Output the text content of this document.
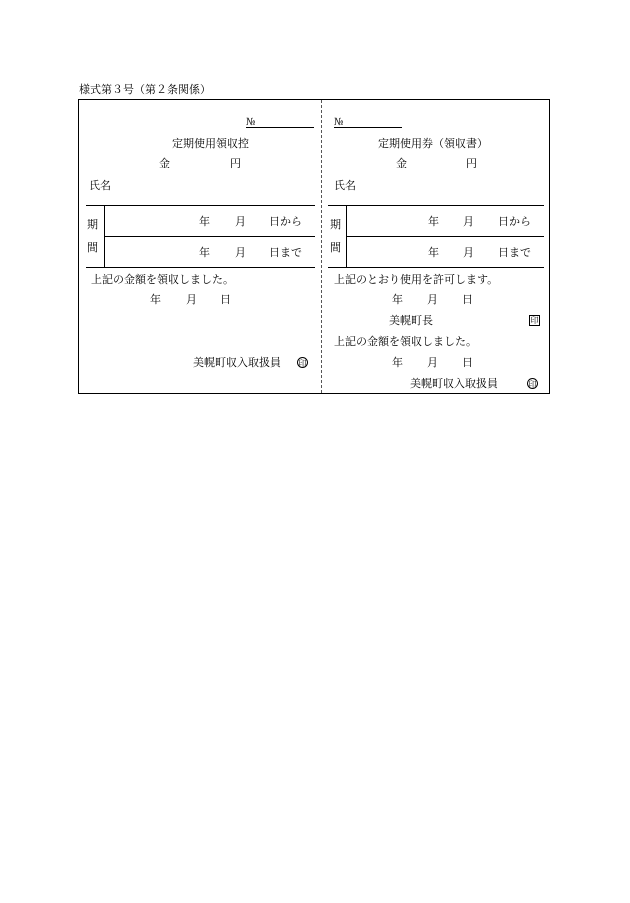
様式第３号（第２条関係）
№
定期使用領収控
金	円
氏名
期
間
年 月 日から
年 月 日まで
上記の金額を領収しました。
年 月 日
美幌町収入取扱員 印
№
定期使用券（領収書）
金	円
氏名
期
間
年 月 日から
年 月 日まで
上記のとおり使用を許可します。
年 月 日
美幌町長	印
上記の金額を領収しました。
年 月 日
美幌町収入取扱員	印
